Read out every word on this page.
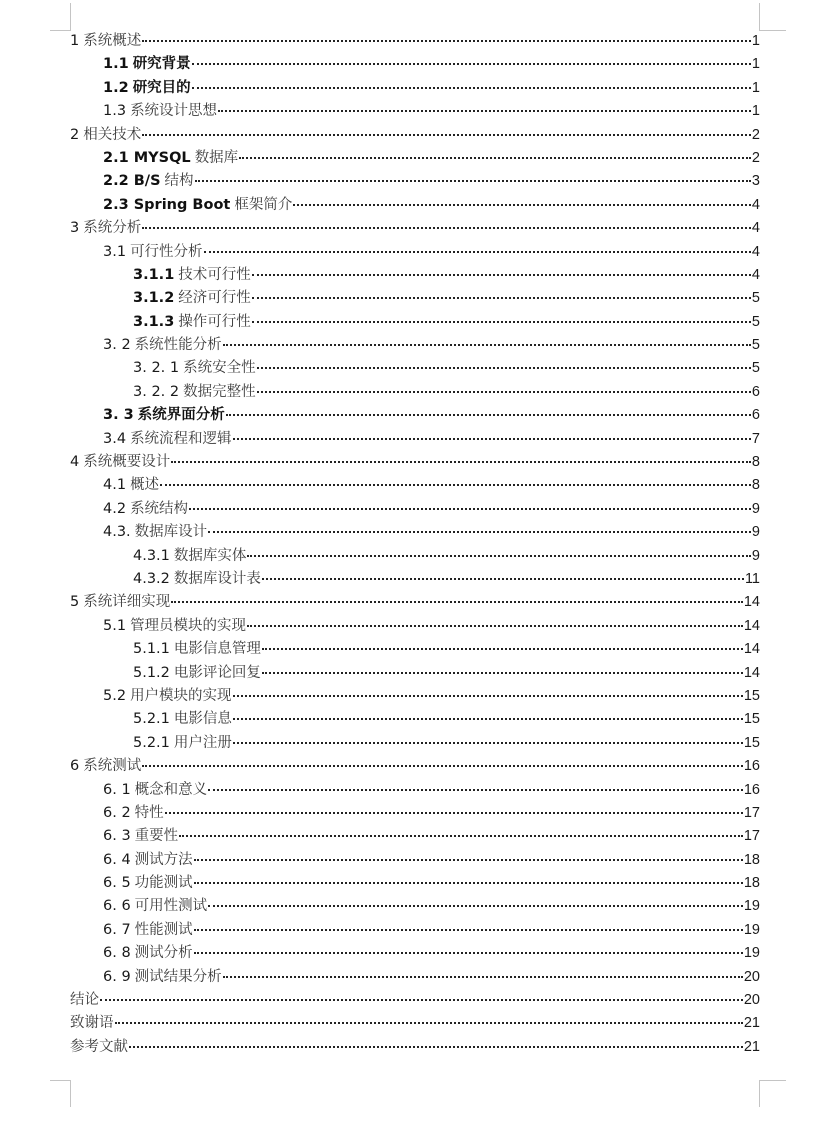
1 系统概述	1
1.1 研究背景	1
1.2 研究目的	1
1.3 系统设计思想	1
2 相关技术	2
2.1 MYSQL 数据库	2
2.2 B/S 结构	3
2.3 Spring Boot 框架简介	4
3 系统分析	4
3.1 可行性分析	4
3.1.1 技术可行性	4
3.1.2 经济可行性	5
3.1.3 操作可行性	5
3. 2 系统性能分析	5
3. 2. 1 系统安全性	5
3. 2. 2 数据完整性	6
3. 3 系统界面分析	6
3.4 系统流程和逻辑	7
4 系统概要设计	8
4.1 概述	8
4.2 系统结构	9
4.3. 数据库设计	9
4.3.1 数据库实体	9
4.3.2 数据库设计表	11
5 系统详细实现	14
5.1 管理员模块的实现	14
5.1.1 电影信息管理	14
5.1.2 电影评论回复	14
5.2 用户模块的实现	15
5.2.1 电影信息	15
5.2.1 用户注册	15
6 系统测试	16
6. 1 概念和意义	16
6. 2 特性	17
6. 3 重要性	17
6. 4 测试方法	18
6. 5 功能测试	18
6. 6 可用性测试	19
6. 7 性能测试	19
6. 8 测试分析	19
6. 9 测试结果分析	20
结论	20
致谢语	21
参考文献	21
